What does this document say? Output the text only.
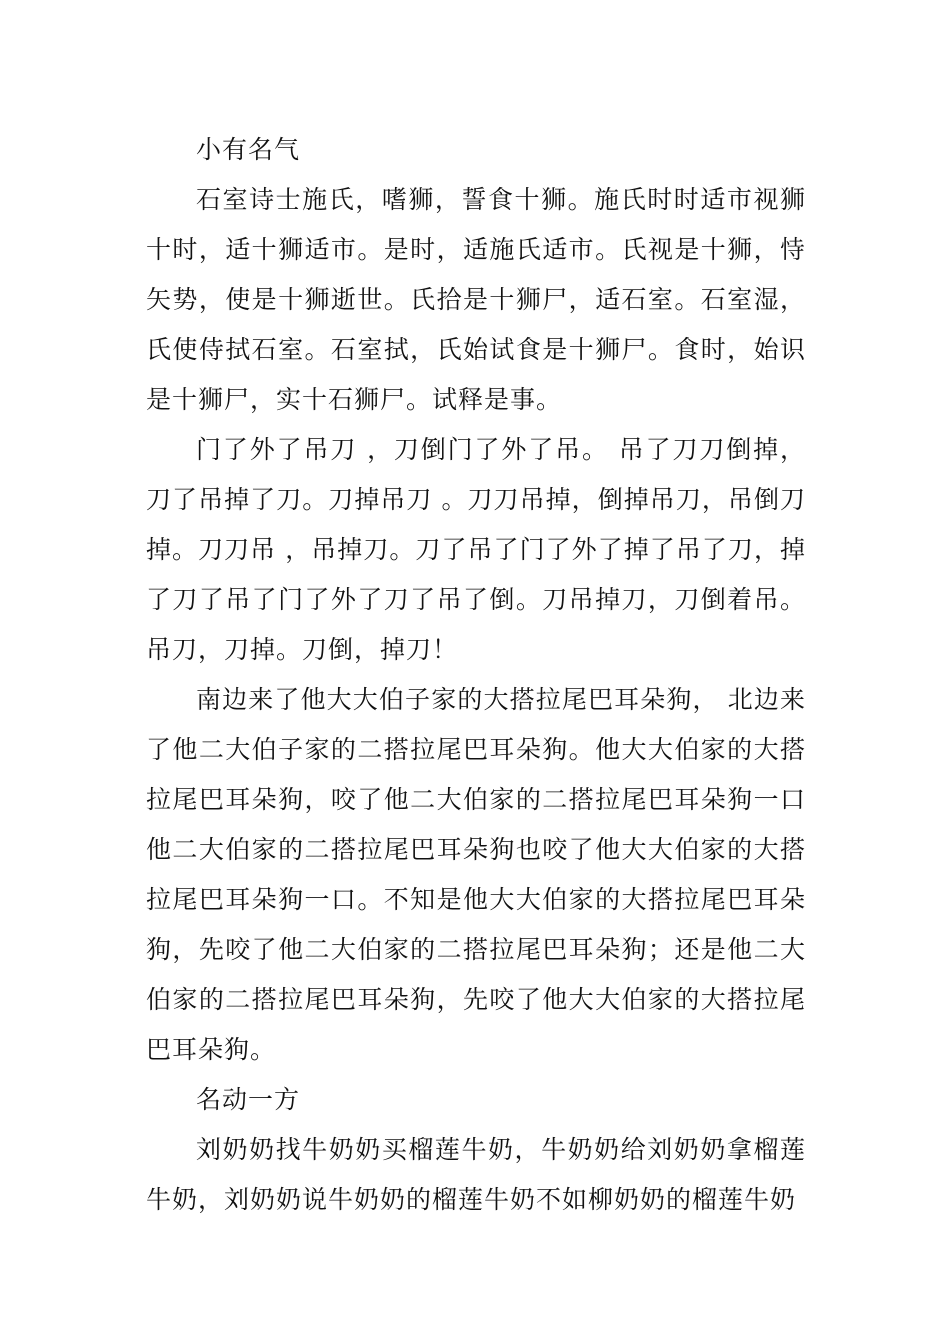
小有名气

石室诗士施氏，嗜狮，誓食十狮。施氏时时适市视狮十时，适十狮适市。是时，适施氏适市。氏视是十狮，恃矢势，使是十狮逝世。氏拾是十狮尸，适石室。石室湿，氏使侍拭石室。石室拭，氏始试食是十狮尸。食时，始识是十狮尸，实十石狮尸。试释是事。

门了外了吊刀 ，刀倒门了外了吊。 吊了刀刀倒掉，刀了吊掉了刀。刀掉吊刀 。刀刀吊掉，倒掉吊刀，吊倒刀掉。刀刀吊 ，吊掉刀。刀了吊了门了外了掉了吊了刀，掉了刀了吊了门了外了刀了吊了倒。刀吊掉刀，刀倒着吊。吊刀，刀掉。刀倒，掉刀！

南边来了他大大伯子家的大搭拉尾巴耳朵狗， 北边来了他二大伯子家的二搭拉尾巴耳朵狗。他大大伯家的大搭拉尾巴耳朵狗，咬了他二大伯家的二搭拉尾巴耳朵狗一口他二大伯家的二搭拉尾巴耳朵狗也咬了他大大伯家的大搭拉尾巴耳朵狗一口。不知是他大大伯家的大搭拉尾巴耳朵狗，先咬了他二大伯家的二搭拉尾巴耳朵狗；还是他二大伯家的二搭拉尾巴耳朵狗，先咬了他大大伯家的大搭拉尾巴耳朵狗。

名动一方

刘奶奶找牛奶奶买榴莲牛奶，牛奶奶给刘奶奶拿榴莲牛奶，刘奶奶说牛奶奶的榴莲牛奶不如柳奶奶的榴莲牛奶
